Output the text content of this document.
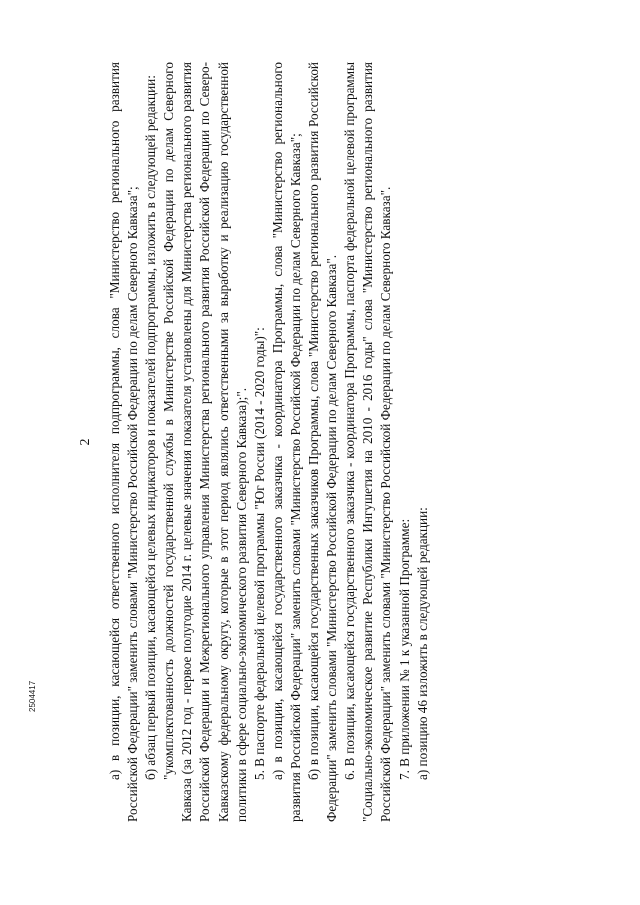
2 а) в позиции, касающейся ответственного исполнителя подпрограммы, слова "Министерство регионального развития Российской Федерации" заменить словами "Министерство Российской Федерации по делам Северного Кавказа"; б) абзац первый позиции, касающейся целевых индикаторов и показателей подпрограммы, изложить в следующей редакции: "укомплектованность должностей государственной службы в Министерстве Российской Федерации по делам Северного Кавказа (за 2012 год - первое полугодие 2014 г. целевые значения показателя установлены для Министерства регионального развития Российской Федерации и Межрегионального управления Министерства регионального развития Российской Федерации по Северо-Кавказскому федеральному округу, которые в этот период являлись ответственными за выработку и реализацию государственной политики в сфере социально-экономического развития Северного Кавказа);". 5. В паспорте федеральной целевой программы "Юг России (2014 - 2020 годы)": а) в позиции, касающейся государственного заказчика - координатора Программы, слова "Министерство регионального развития Российской Федерации" заменить словами "Министерство Российской Федерации по делам Северного Кавказа"; б) в позиции, касающейся государственных заказчиков Программы, слова "Министерство регионального развития Российской Федерации" заменить словами "Министерство Российской Федерации по делам Северного Кавказа". 6. В позиции, касающейся государственного заказчика - координатора Программы, паспорта федеральной целевой программы "Социально-экономическое развитие Республики Ингушетия на 2010 - 2016 годы" слова "Министерство регионального развития Российской Федерации" заменить словами "Министерство Российской Федерации по делам Северного Кавказа". 7. В приложении № 1 к указанной Программе: а) позицию 46 изложить в следующей редакции:

2504417
